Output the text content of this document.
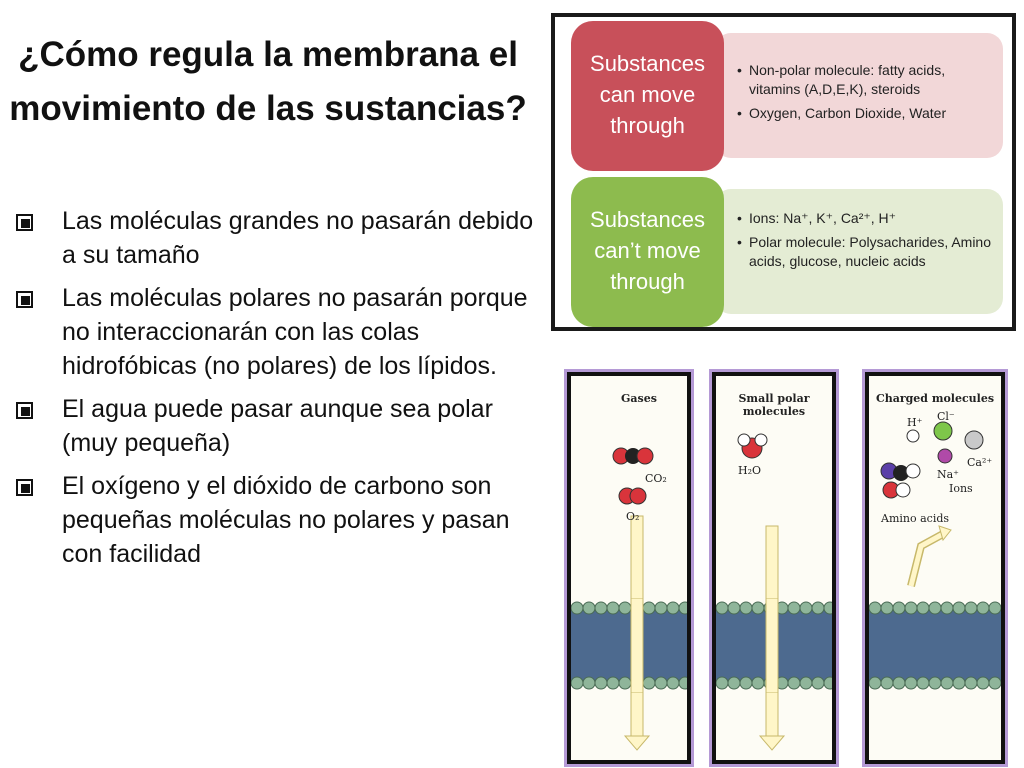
¿Cómo regula la membrana el movimiento de las sustancias?
Las moléculas grandes no pasarán debido a su tamaño
Las moléculas polares no pasarán porque no interaccionarán con las colas hidrofóbicas (no polares) de los lípidos.
El agua puede pasar aunque sea polar (muy pequeña)
El oxígeno y el dióxido de carbono son pequeñas moléculas no polares y pasan con facilidad
Substances can move through
• Non-polar molecule: fatty acids, vitamins (A,D,E,K), steroids
• Oxygen, Carbon Dioxide, Water
Substances can’t move through
• Ions: Na⁺, K⁺, Ca²⁺, H⁺
• Polar molecule: Polysacharides, Amino acids, glucose, nucleic acids
Gases
CO₂
O₂
Small polar molecules
H₂O
Charged molecules
H⁺ Cl⁻
Na⁺
Ions
Ca²⁺
Amino acids
